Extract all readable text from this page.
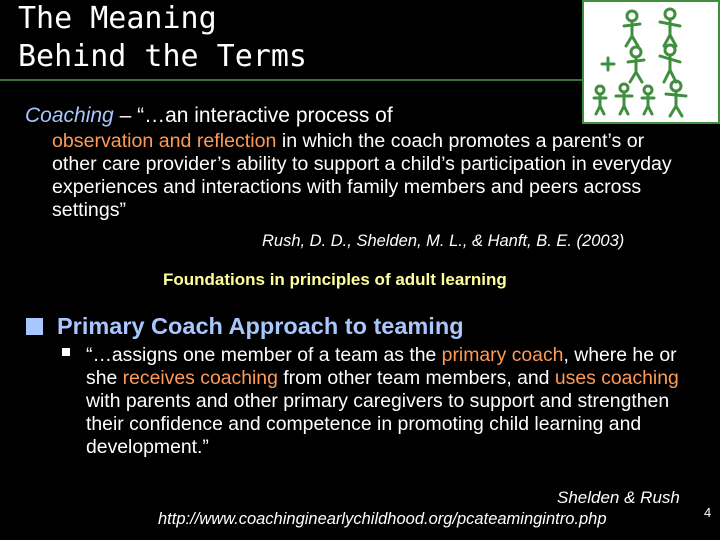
The Meaning
Behind the Terms
Coaching – “…an interactive process of
observation and reflection in which the coach promotes a parent’s or other care provider’s ability to support a child’s participation in everyday experiences and interactions with family members and peers across settings”
Rush, D. D., Shelden, M. L., & Hanft, B. E. (2003)
Foundations in principles of adult learning
Primary Coach Approach to teaming
“…assigns one member of a team as the primary coach, where he or she receives coaching from other team members, and uses coaching with parents and other primary caregivers to support and strengthen their confidence and competence in promoting child learning and development.”
Shelden & Rush
http://www.coachinginearlychildhood.org/pcateamingintro.php	4
